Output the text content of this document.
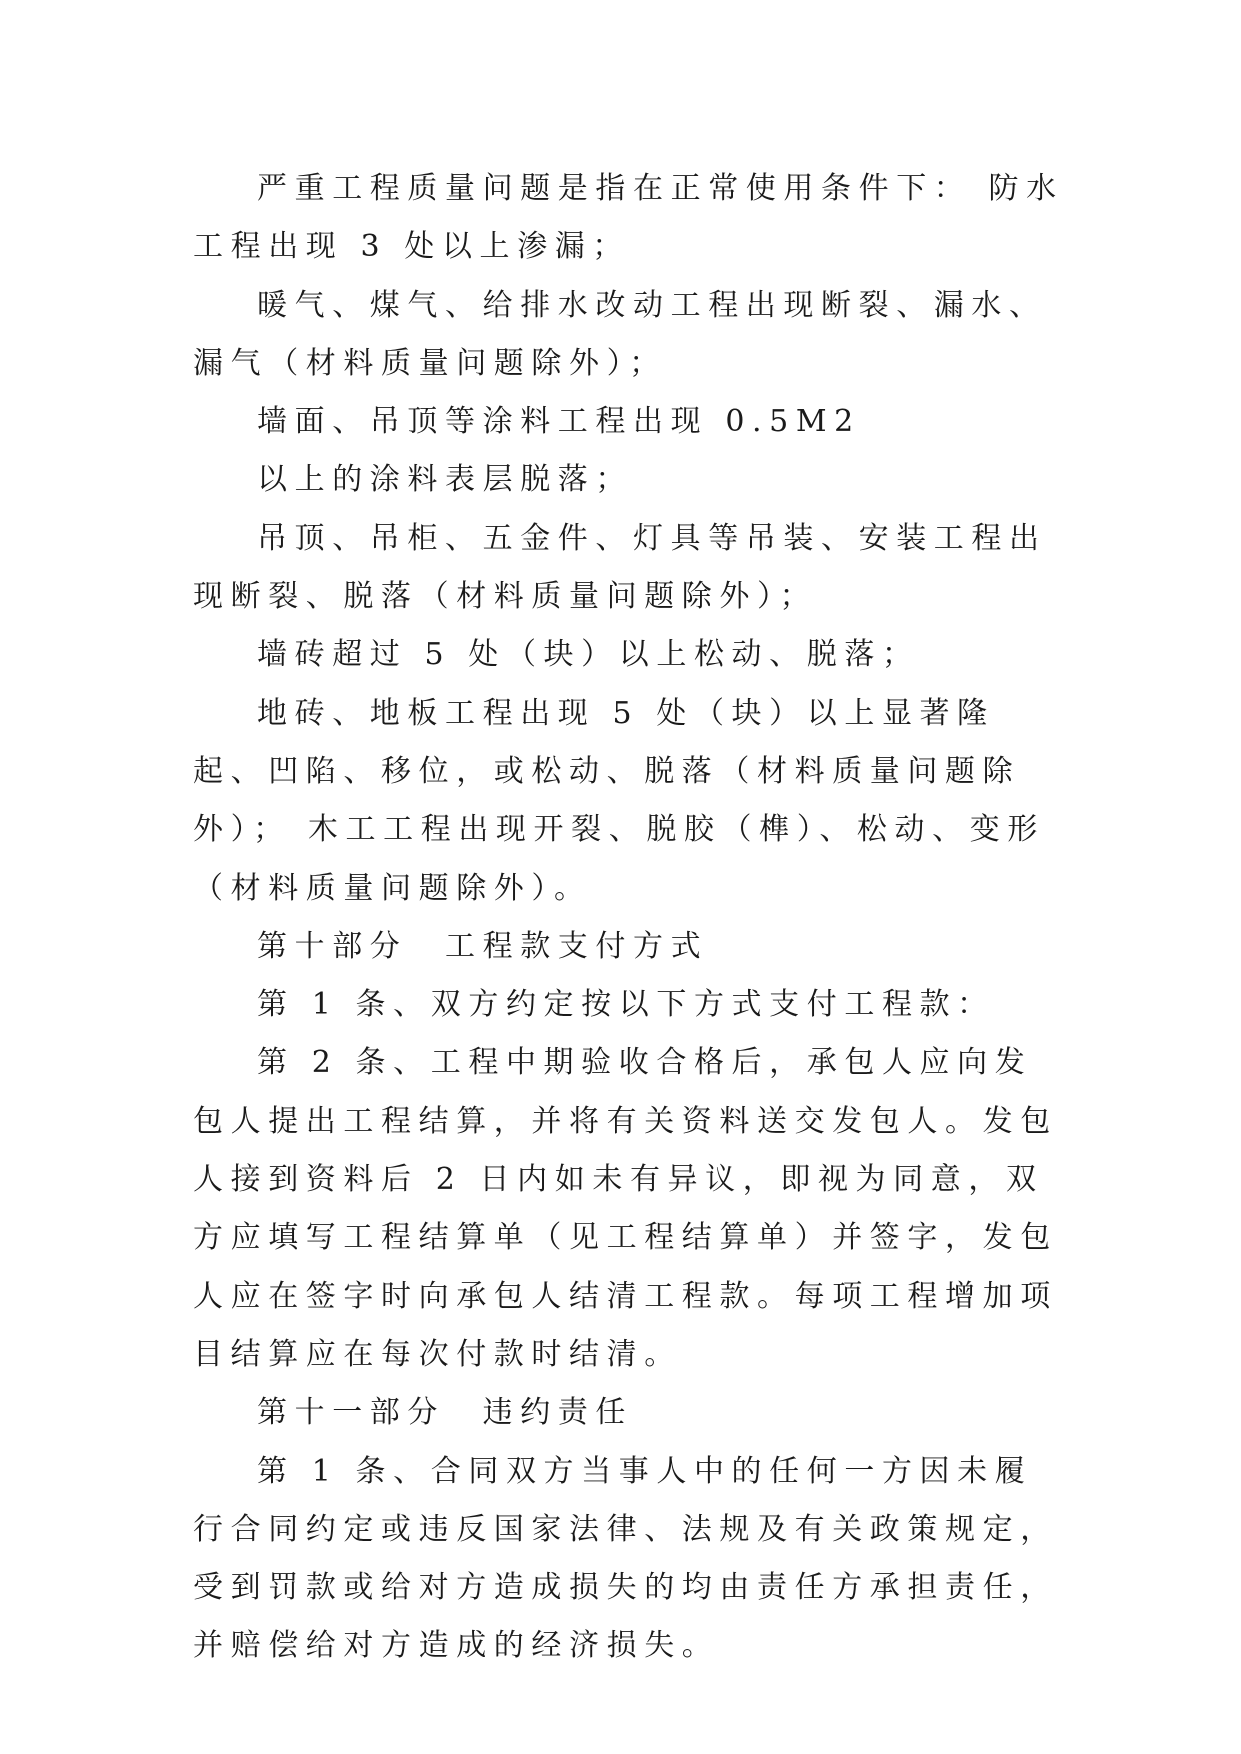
严重工程质量问题是指在正常使用条件下： 防水工程出现 3 处以上渗漏；

暖气、煤气、给排水改动工程出现断裂、漏水、漏气（材料质量问题除外）；

墙面、吊顶等涂料工程出现 0.5M2

以上的涂料表层脱落；

吊顶、吊柜、五金件、灯具等吊装、安装工程出现断裂、脱落（材料质量问题除外）；

墙砖超过 5 处（块）以上松动、脱落；

地砖、地板工程出现 5 处（块）以上显著隆起、凹陷、移位，或松动、脱落（材料质量问题除外）； 木工工程出现开裂、脱胶（榫）、松动、变形（材料质量问题除外）。

第十部分　工程款支付方式

第 1 条、双方约定按以下方式支付工程款：

第 2 条、工程中期验收合格后，承包人应向发包人提出工程结算，并将有关资料送交发包人。发包人接到资料后 2 日内如未有异议，即视为同意，双方应填写工程结算单（见工程结算单）并签字，发包人应在签字时向承包人结清工程款。每项工程增加项目结算应在每次付款时结清。

第十一部分　违约责任

第 1 条、合同双方当事人中的任何一方因未履行合同约定或违反国家法律、法规及有关政策规定，受到罚款或给对方造成损失的均由责任方承担责任，并赔偿给对方造成的经济损失。
